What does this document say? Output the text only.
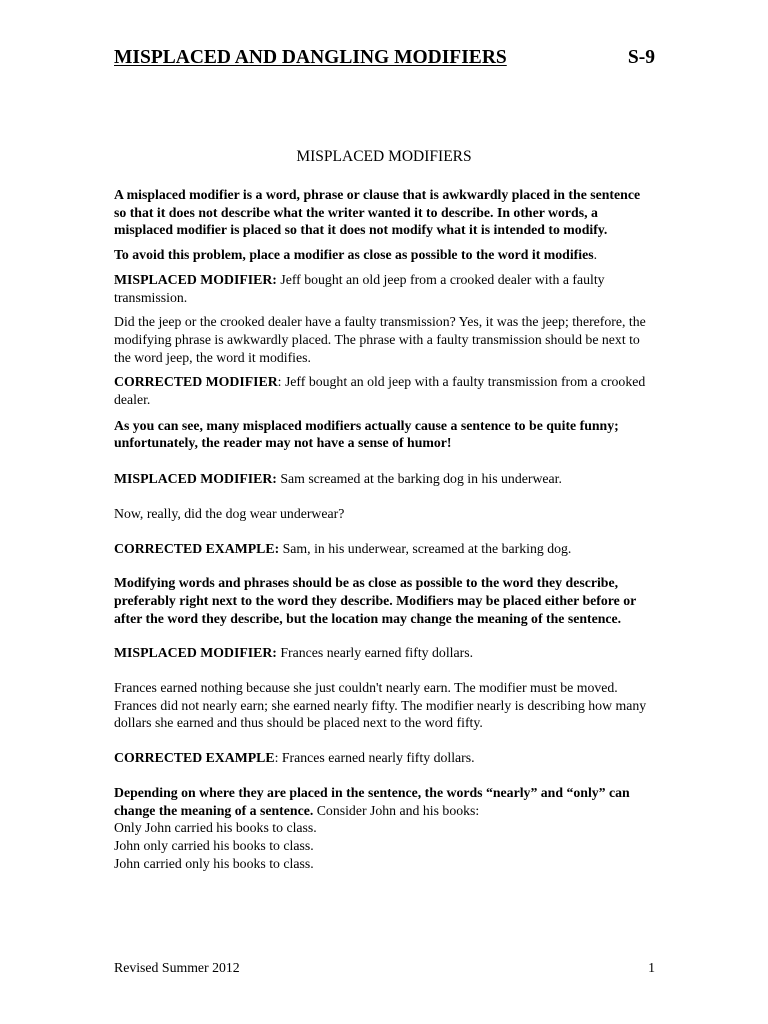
MISPLACED AND DANGLING MODIFIERS	S-9
MISPLACED MODIFIERS

A misplaced modifier is a word, phrase or clause that is awkwardly placed in the sentence so that it does not describe what the writer wanted it to describe. In other words, a misplaced modifier is placed so that it does not modify what it is intended to modify.

To avoid this problem, place a modifier as close as possible to the word it modifies.

MISPLACED MODIFIER: Jeff bought an old jeep from a crooked dealer with a faulty transmission.

Did the jeep or the crooked dealer have a faulty transmission? Yes, it was the jeep; therefore, the modifying phrase is awkwardly placed. The phrase with a faulty transmission should be next to the word jeep, the word it modifies.

CORRECTED MODIFIER: Jeff bought an old jeep with a faulty transmission from a crooked dealer.

As you can see, many misplaced modifiers actually cause a sentence to be quite funny; unfortunately, the reader may not have a sense of humor!

MISPLACED MODIFIER: Sam screamed at the barking dog in his underwear.

Now, really, did the dog wear underwear?

CORRECTED EXAMPLE: Sam, in his underwear, screamed at the barking dog.

Modifying words and phrases should be as close as possible to the word they describe, preferably right next to the word they describe. Modifiers may be placed either before or after the word they describe, but the location may change the meaning of the sentence.

MISPLACED MODIFIER: Frances nearly earned fifty dollars.

Frances earned nothing because she just couldn't nearly earn. The modifier must be moved. Frances did not nearly earn; she earned nearly fifty. The modifier nearly is describing how many dollars she earned and thus should be placed next to the word fifty.

CORRECTED EXAMPLE: Frances earned nearly fifty dollars.

Depending on where they are placed in the sentence, the words “nearly” and “only” can change the meaning of a sentence. Consider John and his books:

Only John carried his books to class.
John only carried his books to class.
John carried only his books to class.
Revised Summer 2012	1
